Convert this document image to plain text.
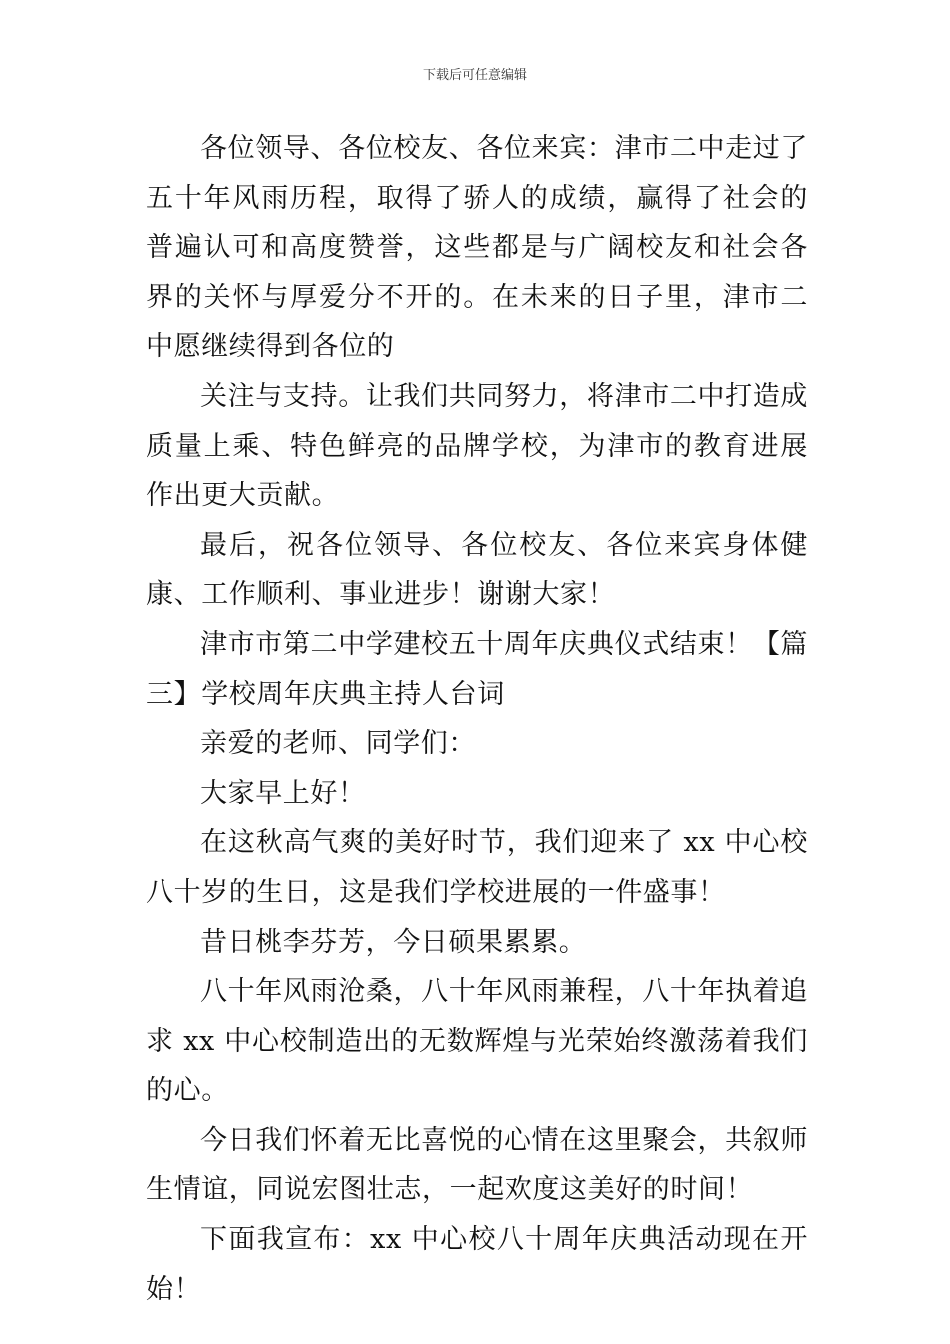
下载后可任意编辑

各位领导、各位校友、各位来宾：津市二中走过了五十年风雨历程，取得了骄人的成绩，赢得了社会的普遍认可和高度赞誉，这些都是与广阔校友和社会各界的关怀与厚爱分不开的。在未来的日子里，津市二中愿继续得到各位的

关注与支持。让我们共同努力，将津市二中打造成质量上乘、特色鲜亮的品牌学校，为津市的教育进展作出更大贡献。

最后，祝各位领导、各位校友、各位来宾身体健康、工作顺利、事业进步！谢谢大家！

津市市第二中学建校五十周年庆典仪式结束！【篇三】学校周年庆典主持人台词

亲爱的老师、同学们：

大家早上好！

在这秋高气爽的美好时节，我们迎来了 xx 中心校八十岁的生日，这是我们学校进展的一件盛事！

昔日桃李芬芳，今日硕果累累。

八十年风雨沧桑，八十年风雨兼程，八十年执着追求 xx 中心校制造出的无数辉煌与光荣始终激荡着我们的心。

今日我们怀着无比喜悦的心情在这里聚会，共叙师生情谊，同说宏图壮志，一起欢度这美好的时间！

下面我宣布：xx 中心校八十周年庆典活动现在开始！
